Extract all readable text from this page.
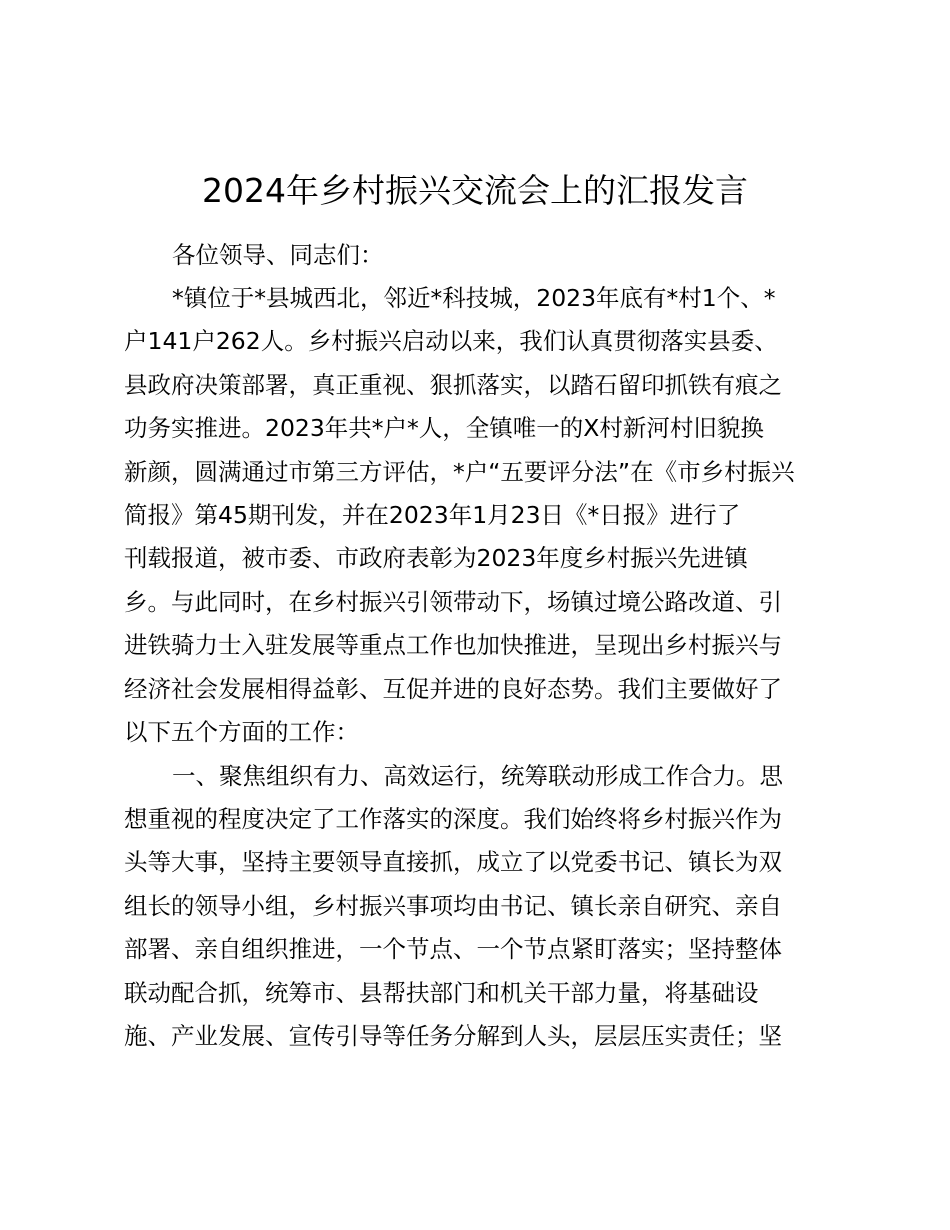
2024年乡村振兴交流会上的汇报发言
各位领导、同志们：
*镇位于*县城西北，邻近*科技城，2023年底有*村1个、*
户141户262人。乡村振兴启动以来，我们认真贯彻落实县委、
县政府决策部署，真正重视、狠抓落实，以踏石留印抓铁有痕之
功务实推进。2023年共*户*人，全镇唯一的X村新河村旧貌换
新颜，圆满通过市第三方评估，*户“五要评分法”在《市乡村振兴
简报》第45期刊发，并在2023年1月23日《*日报》进行了
刊载报道，被市委、市政府表彰为2023年度乡村振兴先进镇
乡。与此同时，在乡村振兴引领带动下，场镇过境公路改道、引
进铁骑力士入驻发展等重点工作也加快推进，呈现出乡村振兴与
经济社会发展相得益彰、互促并进的良好态势。我们主要做好了
以下五个方面的工作：
一、聚焦组织有力、高效运行，统筹联动形成工作合力。思
想重视的程度决定了工作落实的深度。我们始终将乡村振兴作为
头等大事，坚持主要领导直接抓，成立了以党委书记、镇长为双
组长的领导小组，乡村振兴事项均由书记、镇长亲自研究、亲自
部署、亲自组织推进，一个节点、一个节点紧盯落实；坚持整体
联动配合抓，统筹市、县帮扶部门和机关干部力量，将基础设
施、产业发展、宣传引导等任务分解到人头，层层压实责任；坚
